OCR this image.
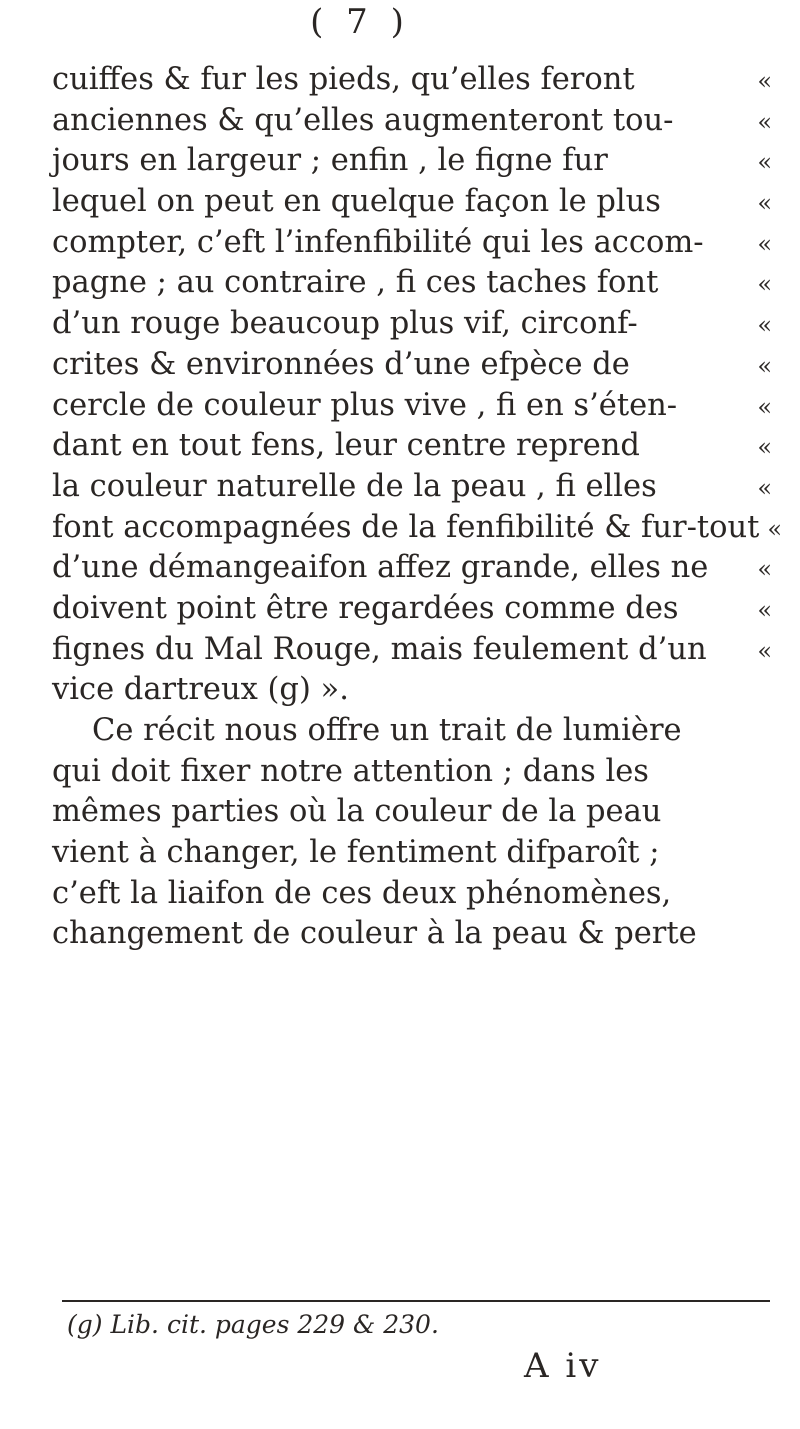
( 7 )
cuiffes & fur les pieds, qu’elles feront	«
anciennes & qu’elles augmenteront tou-	«
jours en largeur ; enfin , le figne fur	«
lequel on peut en quelque façon le plus	«
compter, c’eft l’infenfibilité qui les accom-	«
pagne ; au contraire , fi ces taches font	«
d’un rouge beaucoup plus vif, circonf-	«
crites & environnées d’une efpèce de	«
cercle de couleur plus vive , fi en s’éten-	«
dant en tout fens, leur centre reprend	«
la couleur naturelle de la peau , fi elles	«
font accompagnées de la fenfibilité & fur-tout «
d’une démangeaifon affez grande, elles ne	«
doivent point être regardées comme des	«
fignes du Mal Rouge, mais feulement d’un	«
vice dartreux (g) ».
Ce récit nous offre un trait de lumière
qui doit fixer notre attention ; dans les
mêmes parties où la couleur de la peau
vient à changer, le fentiment difparoît ;
c’eft la liaifon de ces deux phénomènes,
changement de couleur à la peau & perte
(g) Lib. cit. pages 229 & 230.
A iv
